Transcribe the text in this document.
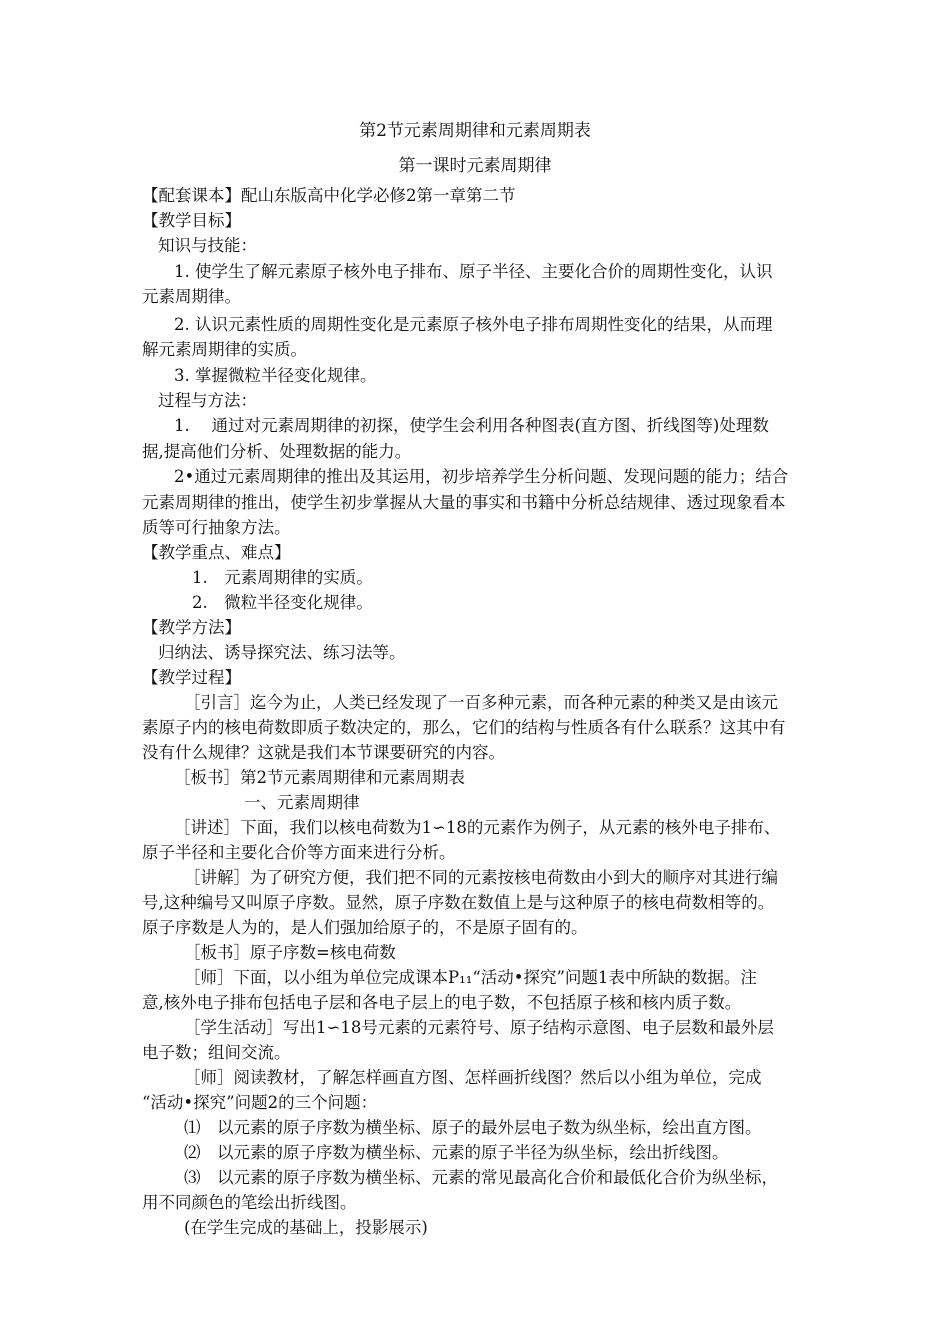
第2节元素周期律和元素周期表
第一课时元素周期律
【配套课本】配山东版高中化学必修2第一章第二节
【教学目标】
知识与技能：
1. 使学生了解元素原子核外电子排布、原子半径、主要化合价的周期性变化，认识
元素周期律。
2. 认识元素性质的周期性变化是元素原子核外电子排布周期性变化的结果，从而理
解元素周期律的实质。
3. 掌握微粒半径变化规律。
过程与方法：
1.　 通过对元素周期律的初探，使学生会利用各种图表(直方图、折线图等)处理数
据,提高他们分析、处理数据的能力。
2•通过元素周期律的推出及其运用，初步培养学生分析问题、发现问题的能力；结合
元素周期律的推出，使学生初步掌握从大量的事实和书籍中分析总结规律、透过现象看本
质等可行抽象方法。
【教学重点、难点】
1.　元素周期律的实质。
2.　微粒半径变化规律。
【教学方法】
归纳法、诱导探究法、练习法等。
【教学过程】
［引言］迄今为止，人类已经发现了一百多种元素，而各种元素的种类又是由该元
素原子内的核电荷数即质子数决定的，那么，它们的结构与性质各有什么联系？这其中有
没有什么规律？这就是我们本节课要研究的内容。
［板书］第2节元素周期律和元素周期表
一、元素周期律
［讲述］下面，我们以核电荷数为1∽18的元素作为例子，从元素的核外电子排布、
原子半径和主要化合价等方面来进行分析。
［讲解］为了研究方便，我们把不同的元素按核电荷数由小到大的顺序对其进行编
号,这种编号又叫原子序数。显然，原子序数在数值上是与这种原子的核电荷数相等的。
原子序数是人为的，是人们强加给原子的，不是原子固有的。
［板书］原子序数=核电荷数
［师］下面，以小组为单位完成课本P₁₁“活动•探究”问题1表中所缺的数据。注
意,核外电子排布包括电子层和各电子层上的电子数，不包括原子核和核内质子数。
［学生活动］写出1∽18号元素的元素符号、原子结构示意图、电子层数和最外层
电子数；组间交流。
［师］阅读教材，了解怎样画直方图、怎样画折线图？然后以小组为单位，完成
“活动•探究”问题2的三个问题：
⑴　以元素的原子序数为横坐标、原子的最外层电子数为纵坐标，绘出直方图。
⑵　以元素的原子序数为横坐标、元素的原子半径为纵坐标，绘出折线图。
⑶　以元素的原子序数为横坐标、元素的常见最高化合价和最低化合价为纵坐标，
用不同颜色的笔绘出折线图。
(在学生完成的基础上，投影展示)
